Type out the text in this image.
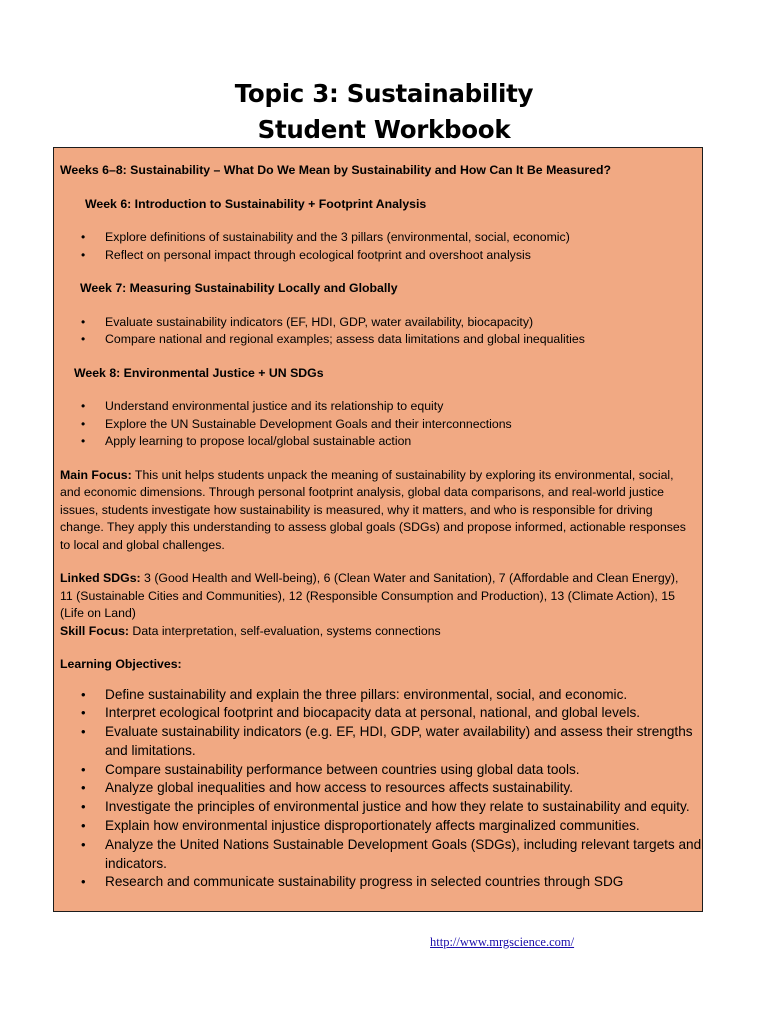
Topic 3: Sustainability
Student Workbook
Weeks 6–8: Sustainability – What Do We Mean by Sustainability and How Can It Be Measured?
Week 6: Introduction to Sustainability + Footprint Analysis
• Explore definitions of sustainability and the 3 pillars (environmental, social, economic)
• Reflect on personal impact through ecological footprint and overshoot analysis
Week 7: Measuring Sustainability Locally and Globally
• Evaluate sustainability indicators (EF, HDI, GDP, water availability, biocapacity)
• Compare national and regional examples; assess data limitations and global inequalities
Week 8: Environmental Justice + UN SDGs
• Understand environmental justice and its relationship to equity
• Explore the UN Sustainable Development Goals and their interconnections
• Apply learning to propose local/global sustainable action
Main Focus: This unit helps students unpack the meaning of sustainability by exploring its environmental, social, and economic dimensions. Through personal footprint analysis, global data comparisons, and real-world justice issues, students investigate how sustainability is measured, why it matters, and who is responsible for driving change. They apply this understanding to assess global goals (SDGs) and propose informed, actionable responses to local and global challenges.
Linked SDGs: 3 (Good Health and Well-being), 6 (Clean Water and Sanitation), 7 (Affordable and Clean Energy), 11 (Sustainable Cities and Communities), 12 (Responsible Consumption and Production), 13 (Climate Action), 15 (Life on Land)
Skill Focus: Data interpretation, self-evaluation, systems connections
Learning Objectives:
• Define sustainability and explain the three pillars: environmental, social, and economic.
• Interpret ecological footprint and biocapacity data at personal, national, and global levels.
• Evaluate sustainability indicators (e.g. EF, HDI, GDP, water availability) and assess their strengths and limitations.
• Compare sustainability performance between countries using global data tools.
• Analyze global inequalities and how access to resources affects sustainability.
• Investigate the principles of environmental justice and how they relate to sustainability and equity.
• Explain how environmental injustice disproportionately affects marginalized communities.
• Analyze the United Nations Sustainable Development Goals (SDGs), including relevant targets and indicators.
• Research and communicate sustainability progress in selected countries through SDG
http://www.mrgscience.com/
